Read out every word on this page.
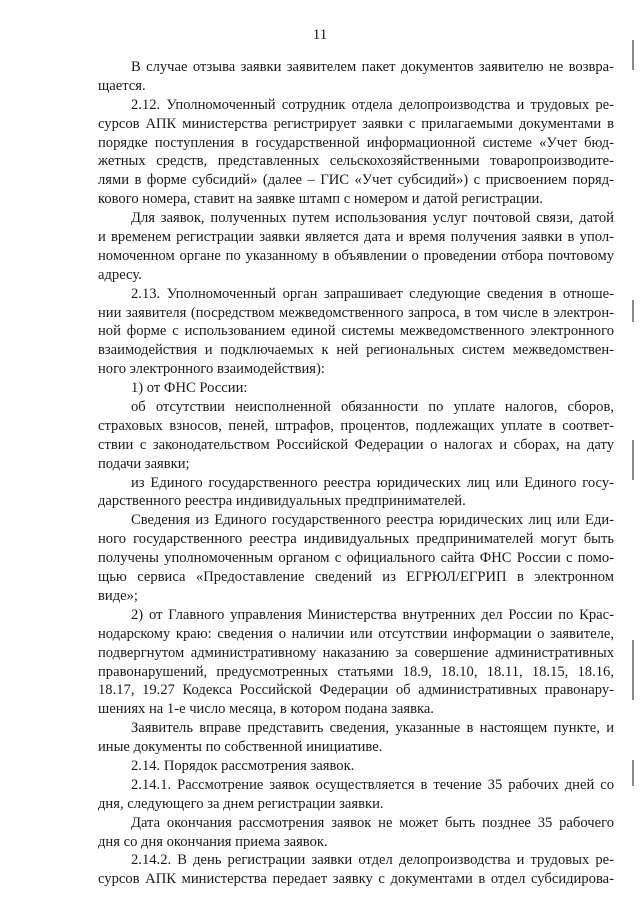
11
В случае отзыва заявки заявителем пакет документов заявителю не возвра-
щается.
2.12. Уполномоченный сотрудник отдела делопроизводства и трудовых ре-
сурсов АПК министерства регистрирует заявки с прилагаемыми документами в
порядке поступления в государственной информационной системе «Учет бюд-
жетных средств, представленных сельскохозяйственными товаропроизводите-
лями в форме субсидий» (далее – ГИС «Учет субсидий») с присвоением поряд-
кового номера, ставит на заявке штамп с номером и датой регистрации.
Для заявок, полученных путем использования услуг почтовой связи, датой
и временем регистрации заявки является дата и время получения заявки в упол-
номоченном органе по указанному в объявлении о проведении отбора почтовому
адресу.
2.13. Уполномоченный орган запрашивает следующие сведения в отноше-
нии заявителя (посредством межведомственного запроса, в том числе в электрон-
ной форме с использованием единой системы межведомственного электронного
взаимодействия и подключаемых к ней региональных систем межведомствен-
ного электронного взаимодействия):
1) от ФНС России:
об отсутствии неисполненной обязанности по уплате налогов, сборов,
страховых взносов, пеней, штрафов, процентов, подлежащих уплате в соответ-
ствии с законодательством Российской Федерации о налогах и сборах, на дату
подачи заявки;
из Единого государственного реестра юридических лиц или Единого госу-
дарственного реестра индивидуальных предпринимателей.
Сведения из Единого государственного реестра юридических лиц или Еди-
ного государственного реестра индивидуальных предпринимателей могут быть
получены уполномоченным органом с официального сайта ФНС России с помо-
щью сервиса «Предоставление сведений из ЕГРЮЛ/ЕГРИП в электронном
виде»;
2) от Главного управления Министерства внутренних дел России по Крас-
нодарскому краю: сведения о наличии или отсутствии информации о заявителе,
подвергнутом административному наказанию за совершение административных
правонарушений, предусмотренных статьями 18.9, 18.10, 18.11, 18.15, 18.16,
18.17, 19.27 Кодекса Российской Федерации об административных правонару-
шениях на 1-е число месяца, в котором подана заявка.
Заявитель вправе представить сведения, указанные в настоящем пункте, и
иные документы по собственной инициативе.
2.14. Порядок рассмотрения заявок.
2.14.1. Рассмотрение заявок осуществляется в течение 35 рабочих дней со
дня, следующего за днем регистрации заявки.
Дата окончания рассмотрения заявок не может быть позднее 35 рабочего
дня со дня окончания приема заявок.
2.14.2. В день регистрации заявки отдел делопроизводства и трудовых ре-
сурсов АПК министерства передает заявку с документами в отдел субсидирова-
